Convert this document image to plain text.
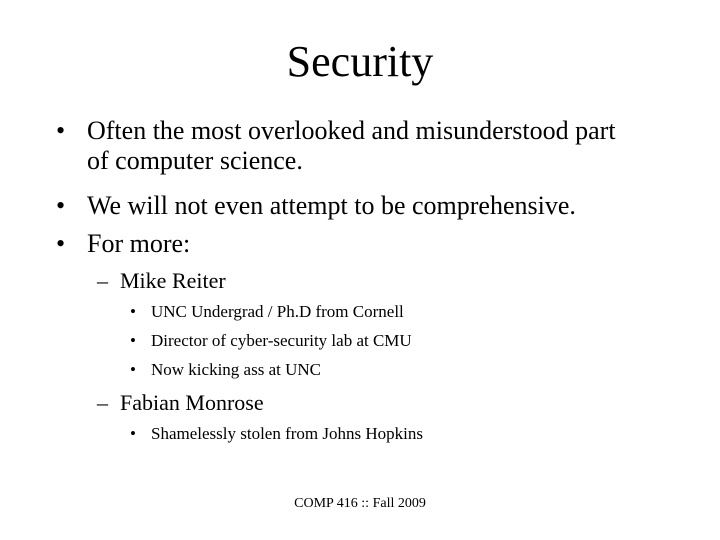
Security
• Often the most overlooked and misunderstood part
of computer science.
• We will not even attempt to be comprehensive.
• For more:
– Mike Reiter
• UNC Undergrad / Ph.D from Cornell
• Director of cyber-security lab at CMU
• Now kicking ass at UNC
– Fabian Monrose
• Shamelessly stolen from Johns Hopkins
COMP 416 :: Fall 2009
